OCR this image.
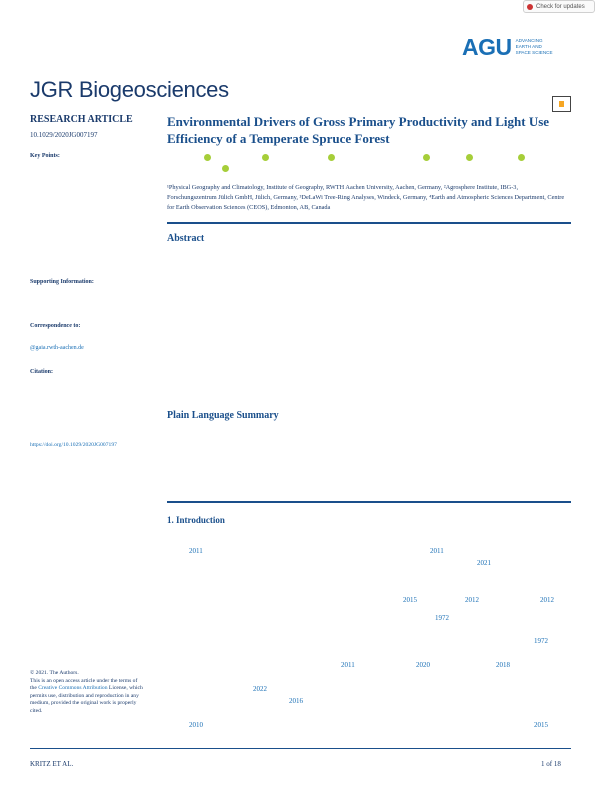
Check for updates
AGU ADVANCING
EARTH AND
SPACE SCIENCE
JGR Biogeosciences
RESEARCH ARTICLE
10.1029/2020JG007197
Key Points:
Supporting Information:
Correspondence to:
@gaia.rwth-aachen.de
Citation:
https://doi.org/10.1029/2020JG007197
Environmental Drivers of Gross Primary Productivity and Light Use Efficiency of a Temperate Spruce Forest
¹Physical Geography and Climatology, Institute of Geography, RWTH Aachen University, Aachen, Germany, ²Agrosphere Institute, IBG-3, Forschungszentrum Jülich GmbH, Jülich, Germany, ³DeLaWi Tree-Ring Analyses, Windeck, Germany, ⁴Earth and Atmospheric Sciences Department, Centre for Earth Observation Sciences (CEOS), Edmonton, AB, Canada
Abstract
Plain Language Summary
1. Introduction
2011	2011
2021
2015	2012	2012
1972
1972
2011	2020	2018
2022
2016
2010	2015
© 2021. The Authors.
This is an open access article under the terms of the Creative Commons Attribution License, which permits use, distribution and reproduction in any medium, provided the original work is properly cited.
KRITZ ET AL.	1 of 18
